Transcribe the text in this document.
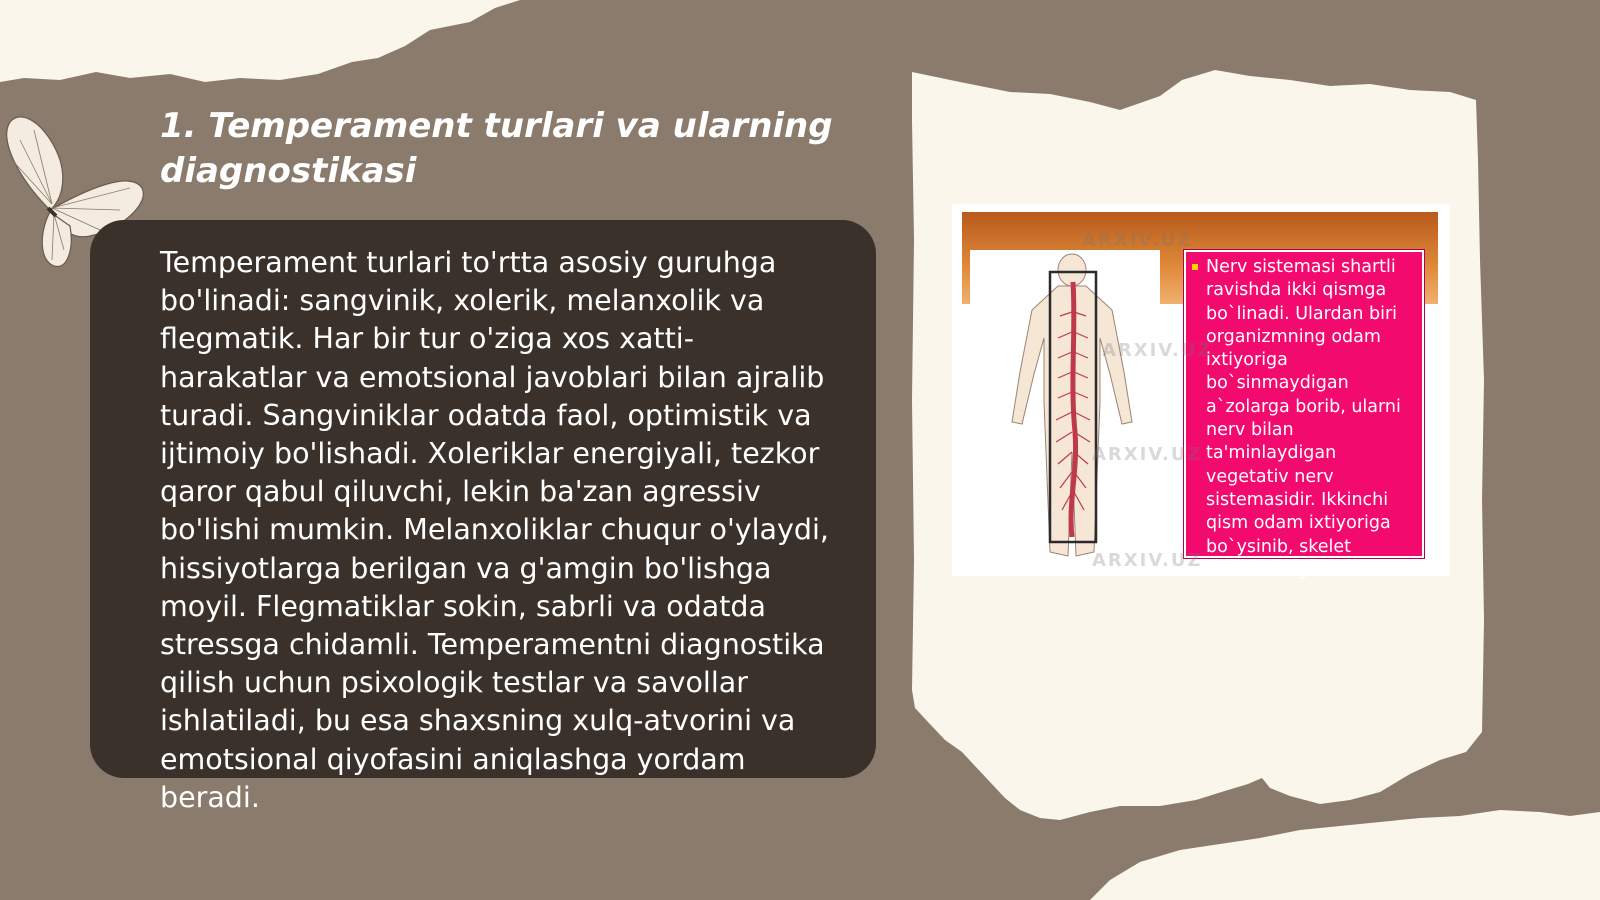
1. Temperament turlari va ularning diagnostikasi

Temperament turlari to'rtta asosiy guruhga bo'linadi: sangvinik, xolerik, melanxolik va flegmatik. Har bir tur o'ziga xos xatti-harakatlar va emotsional javoblari bilan ajralib turadi. Sangviniklar odatda faol, optimistik va ijtimoiy bo'lishadi. Xoleriklar energiyali, tezkor qaror qabul qiluvchi, lekin ba'zan agressiv bo'lishi mumkin. Melanxoliklar chuqur o'ylaydi, hissiyotlarga berilgan va g'amgin bo'lishga moyil. Flegmatiklar sokin, sabrli va odatda stressga chidamli. Temperamentni diagnostika qilish uchun psixologik testlar va savollar ishlatiladi, bu esa shaxsning xulq-atvorini va emotsional qiyofasini aniqlashga yordam beradi.

Nerv sistemasi shartli ravishda ikki qismga bo`linadi. Ulardan biri organizmning odam ixtiyoriga bo`sinmaydigan a`zolarga borib, ularni nerv bilan ta'minlaydigan vegetativ nerv sistemasidir. Ikkinchi qism odam ixtiyoriga bo`ysinib, skelet muskullariga va

ARXIV.UZ
ARXIV.UZ
ARXIV.UZ
ARXIV.UZ
